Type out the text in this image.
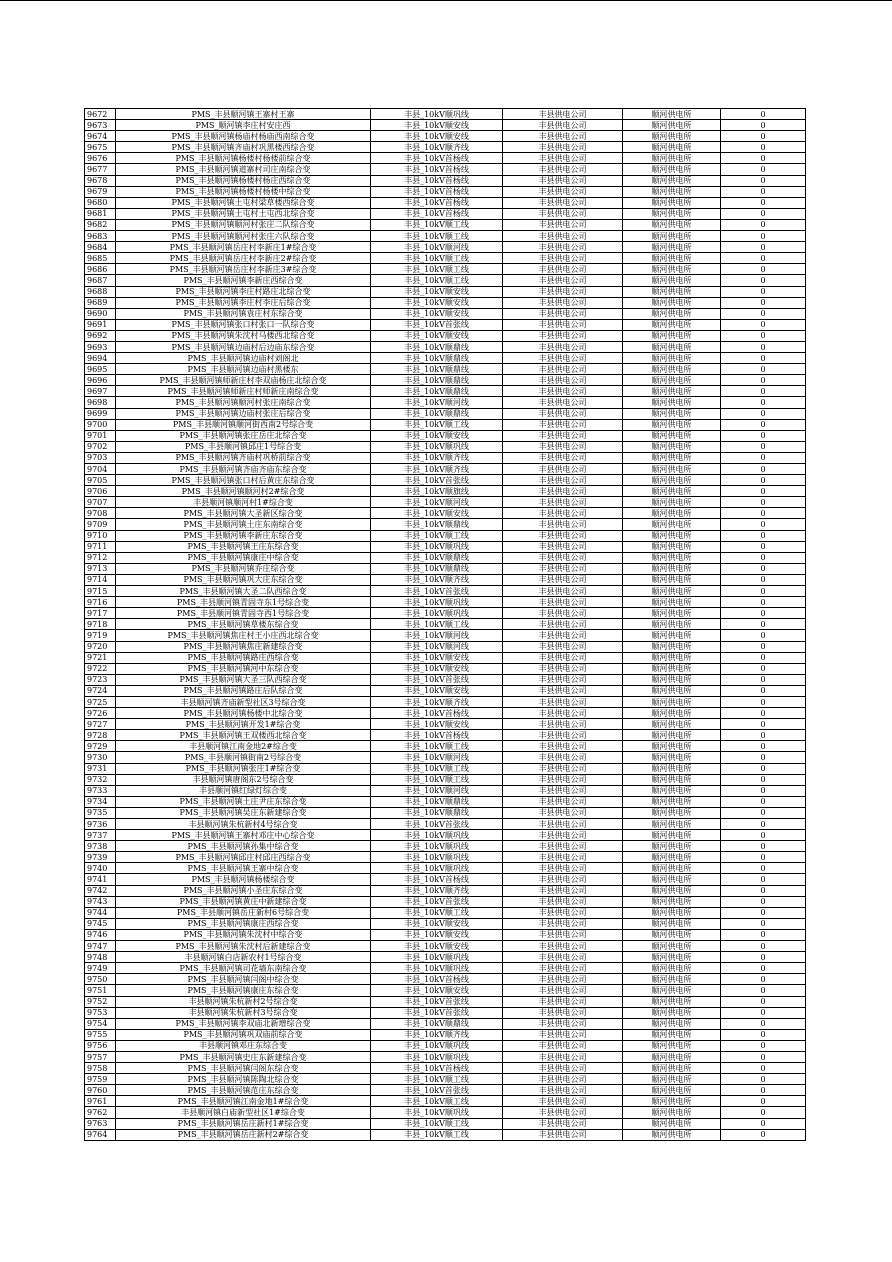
9672	PMS_丰县顺河镇王寨村王寨	丰县_10kV顺巩线	丰县供电公司	顺河供电所	0
9673	PMS_顺河镇李庄村安庄西	丰县_10kV顺安线	丰县供电公司	顺河供电所	0
9674	PMS_丰县顺河镇杨庙村杨庙西南综合变	丰县_10kV顺安线	丰县供电公司	顺河供电所	0
9675	PMS_丰县顺河镇齐庙村巩黑楼西综合变	丰县_10kV顺齐线	丰县供电公司	顺河供电所	0
9676	PMS_丰县顺河镇杨楼村杨楼前综合变	丰县_10kV首杨线	丰县供电公司	顺河供电所	0
9677	PMS_丰县顺河镇道寨村司庄南综合变	丰县_10kV首杨线	丰县供电公司	顺河供电所	0
9678	PMS_丰县顺河镇杨楼村杨庄西综合变	丰县_10kV首杨线	丰县供电公司	顺河供电所	0
9679	PMS_丰县顺河镇杨楼村杨楼中综合变	丰县_10kV首杨线	丰县供电公司	顺河供电所	0
9680	PMS_丰县顺河镇土屯村梁草楼西综合变	丰县_10kV首杨线	丰县供电公司	顺河供电所	0
9681	PMS_丰县顺河镇土屯村土屯西北综合变	丰县_10kV首杨线	丰县供电公司	顺河供电所	0
9682	PMS_丰县顺河镇顺河村张庄二队综合变	丰县_10kV顺工线	丰县供电公司	顺河供电所	0
9683	PMS_丰县顺河镇顺河村张庄六队综合变	丰县_10kV顺工线	丰县供电公司	顺河供电所	0
9684	PMS_丰县顺河镇岳庄村李新庄1#综合变	丰县_10kV顺河线	丰县供电公司	顺河供电所	0
9685	PMS_丰县顺河镇岳庄村李新庄2#综合变	丰县_10kV顺工线	丰县供电公司	顺河供电所	0
9686	PMS_丰县顺河镇岳庄村李新庄3#综合变	丰县_10kV顺工线	丰县供电公司	顺河供电所	0
9687	PMS_丰县顺河镇李新庄西综合变	丰县_10kV顺工线	丰县供电公司	顺河供电所	0
9688	PMS_丰县顺河镇李庄村路庄北综合变	丰县_10kV顺安线	丰县供电公司	顺河供电所	0
9689	PMS_丰县顺河镇李庄村李庄后综合变	丰县_10kV顺安线	丰县供电公司	顺河供电所	0
9690	PMS_丰县顺河镇袁庄村东综合变	丰县_10kV顺安线	丰县供电公司	顺河供电所	0
9691	PMS_丰县顺河镇张口村张口一队综合变	丰县_10kV首张线	丰县供电公司	顺河供电所	0
9692	PMS_丰县顺河镇朱沈村马楼西北综合变	丰县_10kV顺安线	丰县供电公司	顺河供电所	0
9693	PMS_丰县顺河镇边庙村后边庙东综合变	丰县_10kV顺鼎线	丰县供电公司	顺河供电所	0
9694	PMS_丰县顺河镇边庙村刘阁北	丰县_10kV顺鼎线	丰县供电公司	顺河供电所	0
9695	PMS_丰县顺河镇边庙村黑楼东	丰县_10kV顺鼎线	丰县供电公司	顺河供电所	0
9696	PMS_丰县顺河镇师新庄村李双庙杨庄北综合变	丰县_10kV顺鼎线	丰县供电公司	顺河供电所	0
9697	PMS_丰县顺河镇师新庄村师新庄南综合变	丰县_10kV顺鼎线	丰县供电公司	顺河供电所	0
9698	PMS_丰县顺河镇顺河村张庄南综合变	丰县_10kV顺河线	丰县供电公司	顺河供电所	0
9699	PMS_丰县顺河镇边庙村张庄后综合变	丰县_10kV顺鼎线	丰县供电公司	顺河供电所	0
9700	PMS_丰县顺河镇顺河街西南2号综合变	丰县_10kV顺工线	丰县供电公司	顺河供电所	0
9701	PMS_丰县顺河镇张庄岳庄北综合变	丰县_10kV顺安线	丰县供电公司	顺河供电所	0
9702	PMS_丰县顺河镇邱庄1号综合变	丰县_10kV顺巩线	丰县供电公司	顺河供电所	0
9703	PMS_丰县顺河镇齐庙村巩桥前综合变	丰县_10kV顺齐线	丰县供电公司	顺河供电所	0
9704	PMS_丰县顺河镇齐庙齐庙东综合变	丰县_10kV顺齐线	丰县供电公司	顺河供电所	0
9705	PMS_丰县顺河镇张口村后黄庄东综合变	丰县_10kV首张线	丰县供电公司	顺河供电所	0
9706	PMS_丰县顺河镇顺河村2#综合变	丰县_10kV顺旗线	丰县供电公司	顺河供电所	0
9707	丰县顺河镇顺河村1#综合变	丰县_10kV顺河线	丰县供电公司	顺河供电所	0
9708	PMS_丰县顺河镇大圣新区综合变	丰县_10kV顺安线	丰县供电公司	顺河供电所	0
9709	PMS_丰县顺河镇土庄东南综合变	丰县_10kV顺鼎线	丰县供电公司	顺河供电所	0
9710	PMS_丰县顺河镇李新庄东综合变	丰县_10kV顺工线	丰县供电公司	顺河供电所	0
9711	PMS_丰县顺河镇王庄东综合变	丰县_10kV顺巩线	丰县供电公司	顺河供电所	0
9712	PMS_丰县顺河镇康庄中综合变	丰县_10kV顺鼎线	丰县供电公司	顺河供电所	0
9713	PMS_丰县顺河镇乔庄综合变	丰县_10kV顺鼎线	丰县供电公司	顺河供电所	0
9714	PMS_丰县顺河镇巩大庄东综合变	丰县_10kV顺齐线	丰县供电公司	顺河供电所	0
9715	PMS_丰县顺河镇大圣二队西综合变	丰县_10kV首张线	丰县供电公司	顺河供电所	0
9716	PMS_丰县顺河镇青固寺东1号综合变	丰县_10kV顺巩线	丰县供电公司	顺河供电所	0
9717	PMS_丰县顺河镇青固寺西1号综合变	丰县_10kV顺巩线	丰县供电公司	顺河供电所	0
9718	PMS_丰县顺河镇草楼东综合变	丰县_10kV顺工线	丰县供电公司	顺河供电所	0
9719	PMS_丰县顺河镇焦庄村王小庄西北综合变	丰县_10kV顺河线	丰县供电公司	顺河供电所	0
9720	PMS_丰县顺河镇焦庄新建综合变	丰县_10kV顺河线	丰县供电公司	顺河供电所	0
9721	PMS_丰县顺河镇路庄西综合变	丰县_10kV顺安线	丰县供电公司	顺河供电所	0
9722	PMS_丰县顺河镇河中东综合变	丰县_10kV顺安线	丰县供电公司	顺河供电所	0
9723	PMS_丰县顺河镇大圣三队西综合变	丰县_10kV首张线	丰县供电公司	顺河供电所	0
9724	PMS_丰县顺河镇路庄后队综合变	丰县_10kV顺安线	丰县供电公司	顺河供电所	0
9725	丰县顺河镇齐庙新型社区3号综合变	丰县_10kV顺齐线	丰县供电公司	顺河供电所	0
9726	PMS_丰县顺河镇杨楼中北综合变	丰县_10kV首杨线	丰县供电公司	顺河供电所	0
9727	PMS_丰县顺河镇开发1#综合变	丰县_10kV顺安线	丰县供电公司	顺河供电所	0
9728	PMS_丰县顺河镇王双楼西北综合变	丰县_10kV首杨线	丰县供电公司	顺河供电所	0
9729	丰县顺河镇江南金地2#综合变	丰县_10kV顺工线	丰县供电公司	顺河供电所	0
9730	PMS_丰县顺河镇街南2号综合变	丰县_10kV顺河线	丰县供电公司	顺河供电所	0
9731	PMS_丰县顺河镇张庄1#综合变	丰县_10kV顺工线	丰县供电公司	顺河供电所	0
9732	丰县顺河镇唐阁东2号综合变	丰县_10kV顺工线	丰县供电公司	顺河供电所	0
9733	丰县顺河镇红绿灯综合变	丰县_10kV顺河线	丰县供电公司	顺河供电所	0
9734	PMS_丰县顺河镇土庄尹庄东综合变	丰县_10kV顺鼎线	丰县供电公司	顺河供电所	0
9735	PMS_丰县顺河镇吴庄东新建综合变	丰县_10kV顺鼎线	丰县供电公司	顺河供电所	0
9736	丰县顺河镇朱杭新村4号综合变	丰县_10kV首张线	丰县供电公司	顺河供电所	0
9737	PMS_丰县顺河镇王寨村邓庄中心综合变	丰县_10kV顺巩线	丰县供电公司	顺河供电所	0
9738	PMS_丰县顺河镇孙集中综合变	丰县_10kV顺巩线	丰县供电公司	顺河供电所	0
9739	PMS_丰县顺河镇邱庄村邱庄西综合变	丰县_10kV顺巩线	丰县供电公司	顺河供电所	0
9740	PMS_丰县顺河镇王寨中综合变	丰县_10kV顺巩线	丰县供电公司	顺河供电所	0
9741	PMS_丰县顺河镇杨楼综合变	丰县_10kV首杨线	丰县供电公司	顺河供电所	0
9742	PMS_丰县顺河镇小圣庄东综合变	丰县_10kV顺齐线	丰县供电公司	顺河供电所	0
9743	PMS_丰县顺河镇黄庄中新建综合变	丰县_10kV首张线	丰县供电公司	顺河供电所	0
9744	PMS_丰县顺河镇岳庄新村6号综合变	丰县_10kV顺工线	丰县供电公司	顺河供电所	0
9745	PMS_丰县顺河镇康庄西综合变	丰县_10kV顺安线	丰县供电公司	顺河供电所	0
9746	PMS_丰县顺河镇朱沈村中综合变	丰县_10kV顺安线	丰县供电公司	顺河供电所	0
9747	PMS_丰县顺河镇朱沈村后新建综合变	丰县_10kV顺安线	丰县供电公司	顺河供电所	0
9748	丰县顺河镇白店新农村1号综合变	丰县_10kV顺巩线	丰县供电公司	顺河供电所	0
9749	PMS_丰县顺河镇司花墙东南综合变	丰县_10kV顺巩线	丰县供电公司	顺河供电所	0
9750	PMS_丰县顺河镇闫阁中综合变	丰县_10kV首杨线	丰县供电公司	顺河供电所	0
9751	PMS_丰县顺河镇康庄东综合变	丰县_10kV顺安线	丰县供电公司	顺河供电所	0
9752	丰县顺河镇朱杭新村2号综合变	丰县_10kV首张线	丰县供电公司	顺河供电所	0
9753	丰县顺河镇朱杭新村3号综合变	丰县_10kV首张线	丰县供电公司	顺河供电所	0
9754	PMS_丰县顺河镇李双庙北新增综合变	丰县_10kV顺鼎线	丰县供电公司	顺河供电所	0
9755	PMS_丰县顺河镇巩双庙前综合变	丰县_10kV顺齐线	丰县供电公司	顺河供电所	0
9756	丰县顺河镇邓庄东综合变	丰县_10kV顺巩线	丰县供电公司	顺河供电所	0
9757	PMS_丰县顺河镇史庄东新建综合变	丰县_10kV顺巩线	丰县供电公司	顺河供电所	0
9758	PMS_丰县顺河镇闫阁东综合变	丰县_10kV首杨线	丰县供电公司	顺河供电所	0
9759	PMS_丰县顺河镇陈陶北综合变	丰县_10kV顺工线	丰县供电公司	顺河供电所	0
9760	PMS_丰县顺河镇范庄东综合变	丰县_10kV首张线	丰县供电公司	顺河供电所	0
9761	PMS_丰县顺河镇江南金地1#综合变	丰县_10kV顺工线	丰县供电公司	顺河供电所	0
9762	丰县顺河镇白庙新型社区1#综合变	丰县_10kV顺巩线	丰县供电公司	顺河供电所	0
9763	PMS_丰县顺河镇岳庄新村1#综合变	丰县_10kV顺工线	丰县供电公司	顺河供电所	0
9764	PMS_丰县顺河镇岳庄新村2#综合变	丰县_10kV顺工线	丰县供电公司	顺河供电所	0
